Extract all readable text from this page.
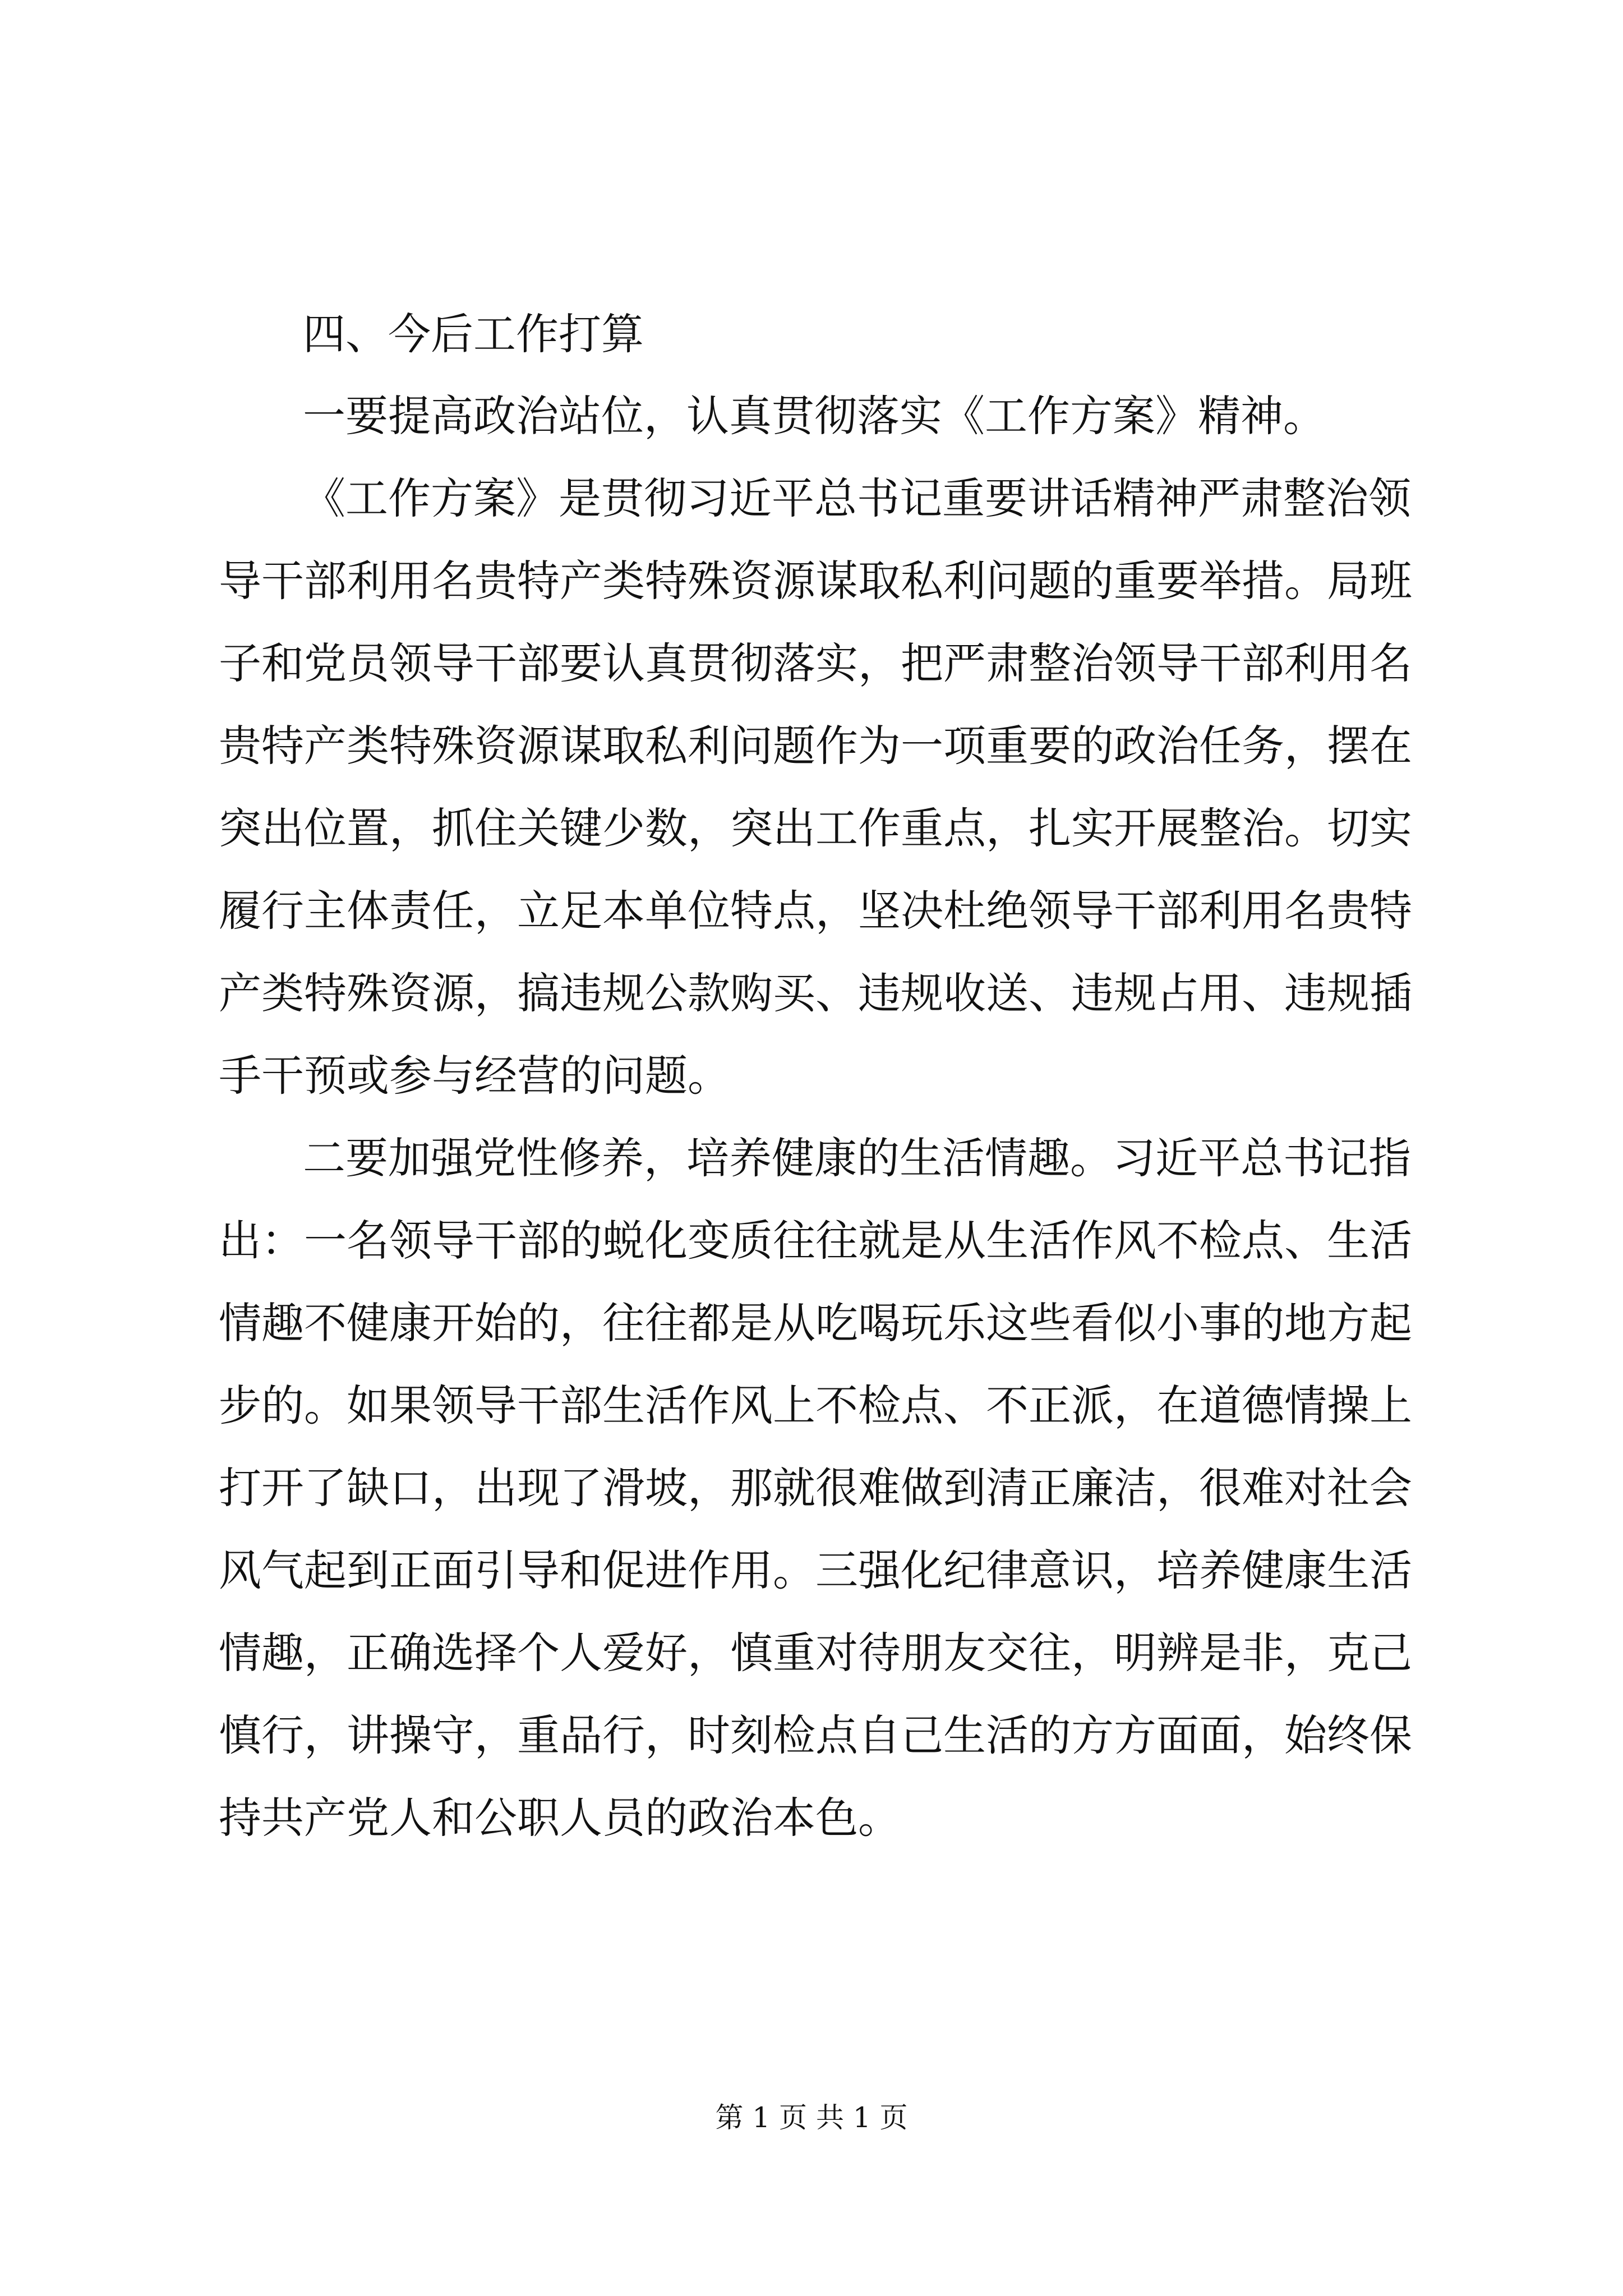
四、今后工作打算
一要提高政治站位，认真贯彻落实《工作方案》精神。
《工作方案》是贯彻习近平总书记重要讲话精神严肃整治领
导干部利用名贵特产类特殊资源谋取私利问题的重要举措。局班
子和党员领导干部要认真贯彻落实，把严肃整治领导干部利用名
贵特产类特殊资源谋取私利问题作为一项重要的政治任务，摆在
突出位置，抓住关键少数，突出工作重点，扎实开展整治。切实
履行主体责任，立足本单位特点，坚决杜绝领导干部利用名贵特
产类特殊资源，搞违规公款购买、违规收送、违规占用、违规插
手干预或参与经营的问题。
二要加强党性修养，培养健康的生活情趣。习近平总书记指
出：一名领导干部的蜕化变质往往就是从生活作风不检点、生活
情趣不健康开始的，往往都是从吃喝玩乐这些看似小事的地方起
步的。如果领导干部生活作风上不检点、不正派，在道德情操上
打开了缺口，出现了滑坡，那就很难做到清正廉洁，很难对社会
风气起到正面引导和促进作用。三强化纪律意识，培养健康生活
情趣，正确选择个人爱好，慎重对待朋友交往，明辨是非，克己
慎行，讲操守，重品行，时刻检点自己生活的方方面面，始终保
持共产党人和公职人员的政治本色。
第 1 页 共 1 页
